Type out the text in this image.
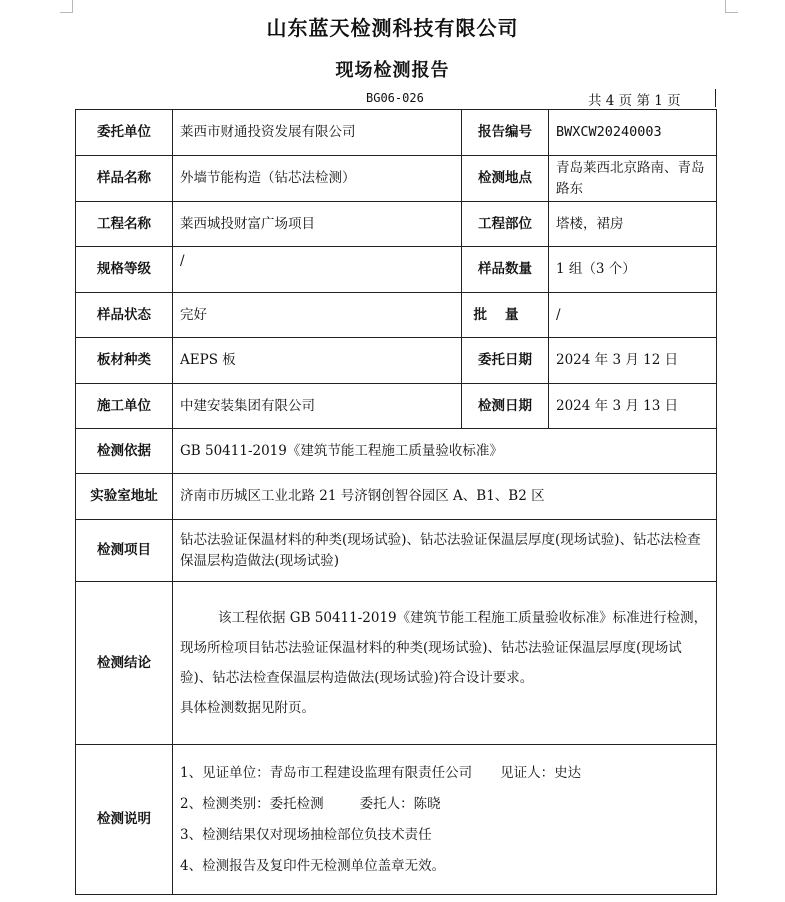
山东蓝天检测科技有限公司
现场检测报告
BG06-026	共 4 页 第 1 页
委托单位	莱西市财通投资发展有限公司	报告编号	BWXCW20240003
样品名称	外墙节能构造（钻芯法检测）	检测地点	青岛莱西北京路南、青岛路东
工程名称	莱西城投财富广场项目	工程部位	塔楼，裙房
规格等级	/	样品数量	1 组（3 个）
样品状态	完好	批量	/
板材种类	AEPS 板	委托日期	2024 年 3 月 12 日
施工单位	中建安装集团有限公司	检测日期	2024 年 3 月 13 日
检测依据	GB 50411-2019《建筑节能工程施工质量验收标准》		
实验室地址	济南市历城区工业北路 21 号济钢创智谷园区 A、B1、B2 区		
检测项目	钻芯法验证保温材料的种类(现场试验)、钻芯法验证保温层厚度(现场试验)、钻芯法检查保温层构造做法(现场试验)		
检测结论	该工程依据 GB 50411-2019《建筑节能工程施工质量验收标准》标准进行检测，现场所检项目钻芯法验证保温材料的种类(现场试验)、钻芯法验证保温层厚度(现场试验)、钻芯法检查保温层构造做法(现场试验)符合设计要求。

具体检测数据见附页。		

检测说明	1、见证单位：青岛市工程建设监理有限责任公司 见证人：史达
2、检测类别：委托检测 委托人：陈晓
3、检测结果仅对现场抽检部位负技术责任
4、检测报告及复印件无检测单位盖章无效。		
